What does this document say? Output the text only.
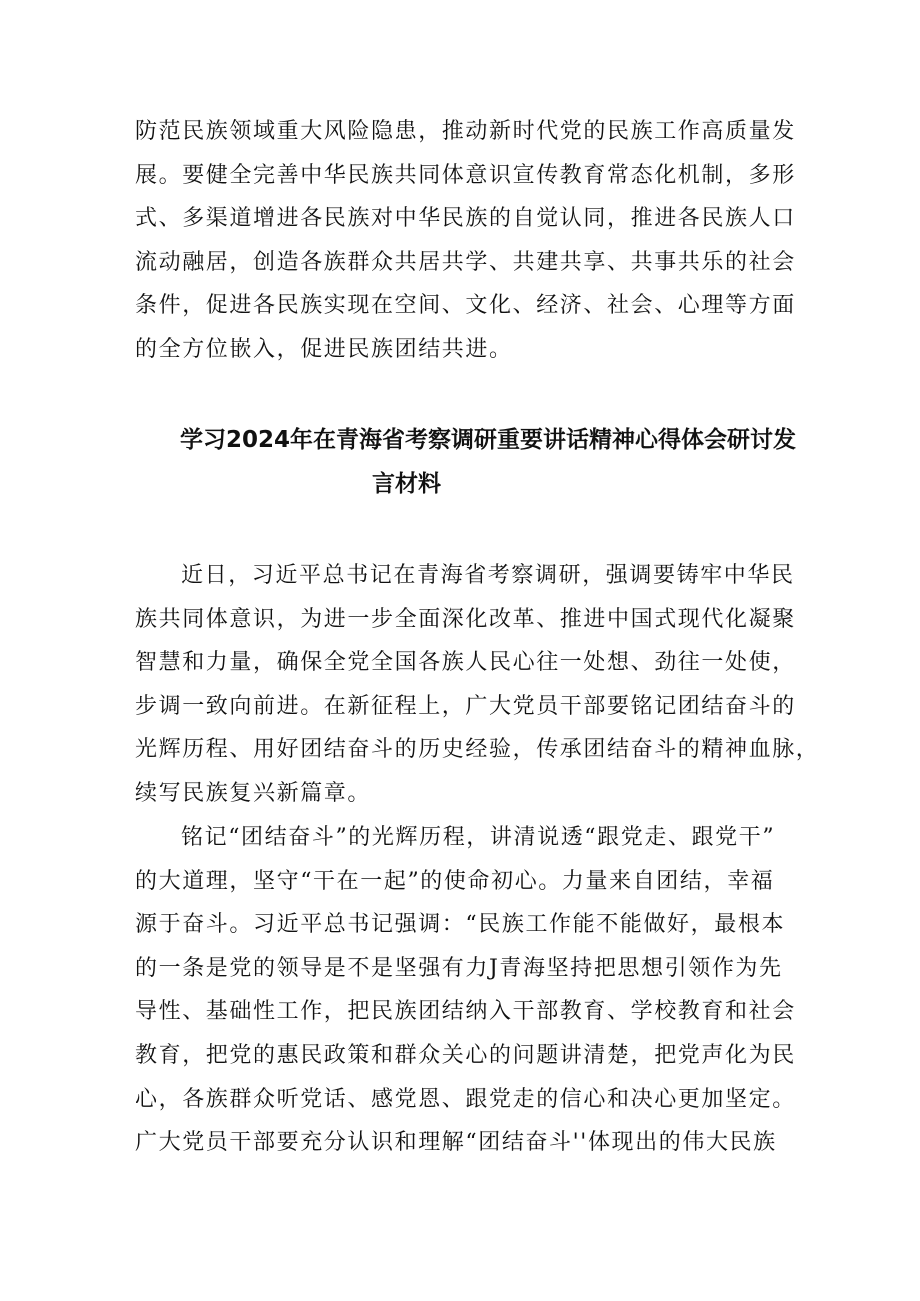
防范民族领域重大风险隐患，推动新时代党的民族工作高质量发
展。要健全完善中华民族共同体意识宣传教育常态化机制，多形
式、多渠道增进各民族对中华民族的自觉认同，推进各民族人口
流动融居，创造各族群众共居共学、共建共享、共事共乐的社会
条件，促进各民族实现在空间、文化、经济、社会、心理等方面
的全方位嵌入，促进民族团结共进。
学习2024年在青海省考察调研重要讲话精神心得体会研讨发
言材料
近日，习近平总书记在青海省考察调研，强调要铸牢中华民
族共同体意识，为进一步全面深化改革、推进中国式现代化凝聚
智慧和力量，确保全党全国各族人民心往一处想、劲往一处使，
步调一致向前进。在新征程上，广大党员干部要铭记团结奋斗的
光辉历程、用好团结奋斗的历史经验，传承团结奋斗的精神血脉，
续写民族复兴新篇章。
铭记“团结奋斗”的光辉历程，讲清说透“跟党走、跟党干”
的大道理，坚守“干在一起”的使命初心。力量来自团结，幸福
源于奋斗。习近平总书记强调：“民族工作能不能做好，最根本
的一条是党的领导是不是坚强有力J青海坚持把思想引领作为先
导性、基础性工作，把民族团结纳入干部教育、学校教育和社会
教育，把党的惠民政策和群众关心的问题讲清楚，把党声化为民
心，各族群众听党话、感党恩、跟党走的信心和决心更加坚定。
广大党员干部要充分认识和理解“团结奋斗''体现出的伟大民族
